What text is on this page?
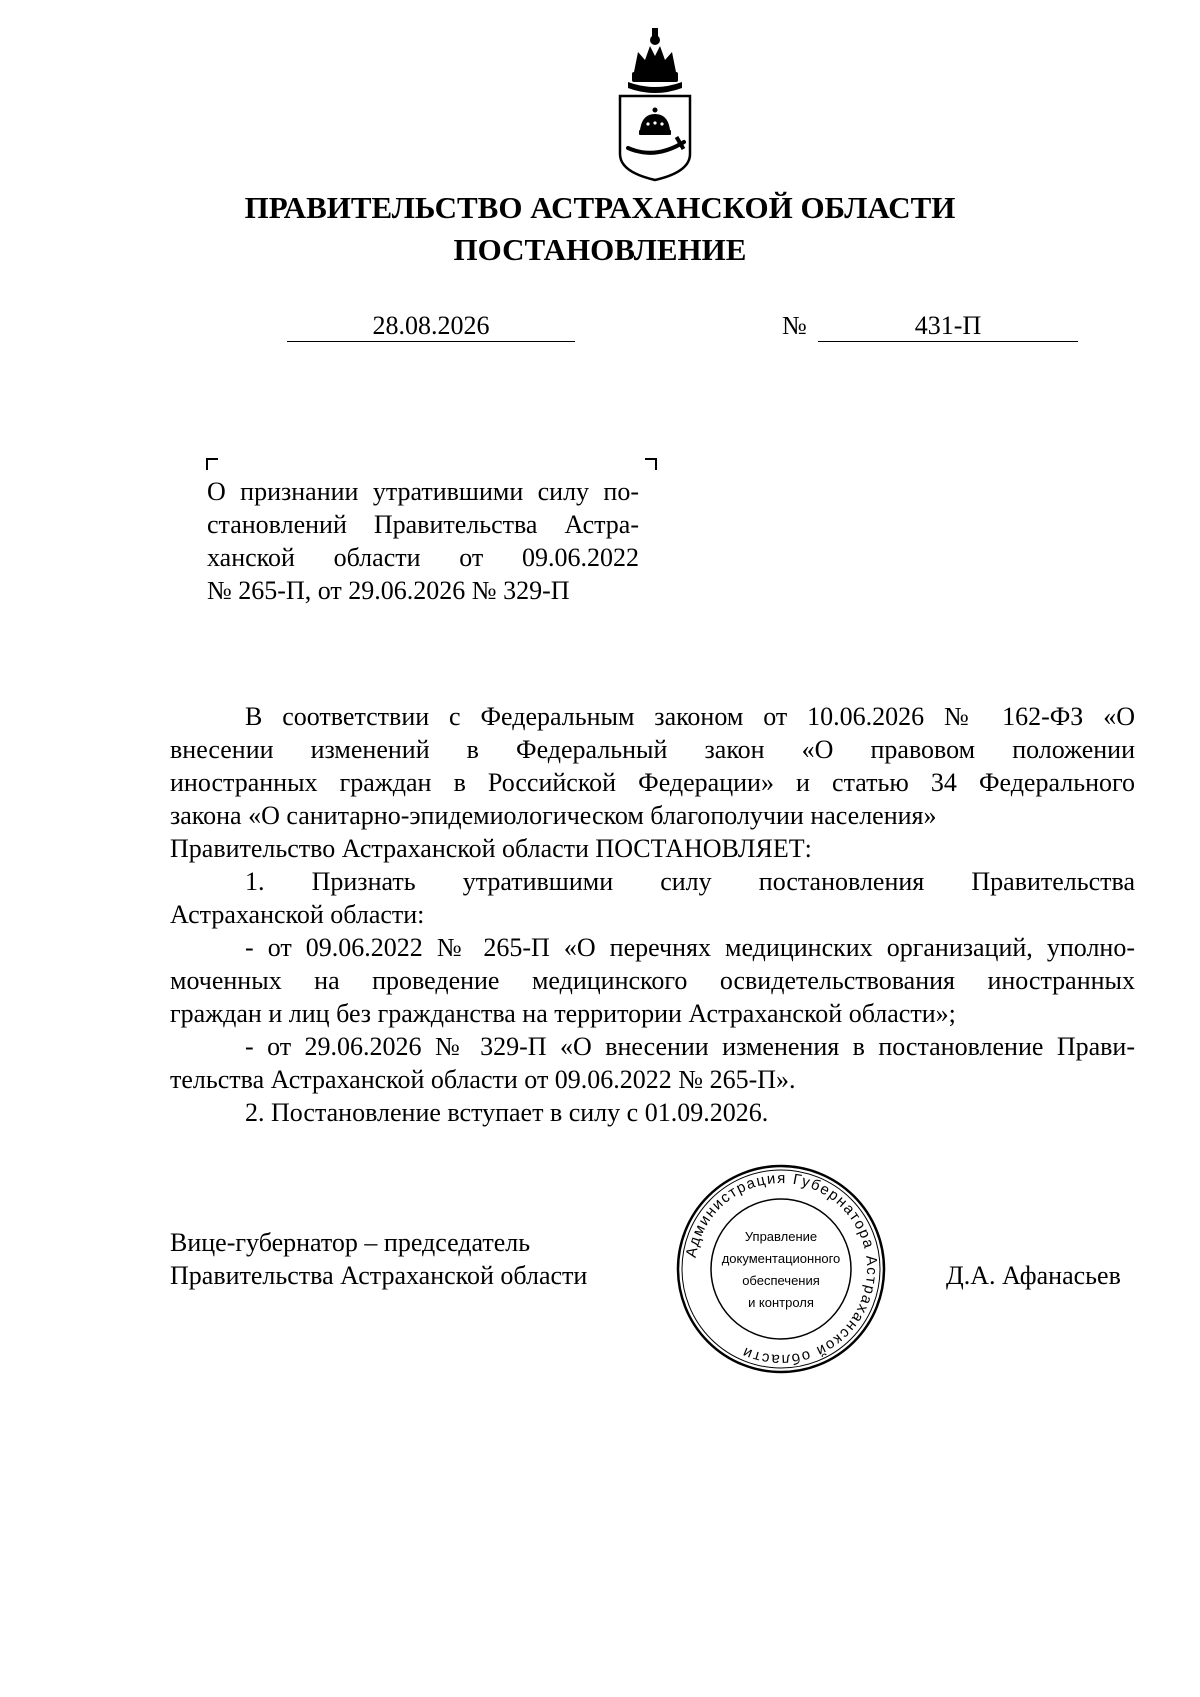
ПРАВИТЕЛЬСТВО АСТРАХАНСКОЙ ОБЛАСТИ
ПОСТАНОВЛЕНИЕ
28.08.2026	№	431-П
О признании утратившими силу по-
становлений Правительства Астра-
ханской области от 09.06.2022
№ 265-П, от 29.06.2026 № 329-П
В соответствии с Федеральным законом от 10.06.2026 № 162-ФЗ «О
внесении изменений в Федеральный закон «О правовом положении
иностранных граждан в Российской Федерации» и статью 34 Федерального
закона «О санитарно-эпидемиологическом благополучии населения»
Правительство Астраханской области ПОСТАНОВЛЯЕТ:
1. Признать утратившими силу постановления Правительства
Астраханской области:
- от 09.06.2022 № 265-П «О перечнях медицинских организаций, уполно-
моченных на проведение медицинского освидетельствования иностранных
граждан и лиц без гражданства на территории Астраханской области»;
- от 29.06.2026 № 329-П «О внесении изменения в постановление Прави-
тельства Астраханской области от 09.06.2022 № 265-П».
2. Постановление вступает в силу с 01.09.2026.
Вице-губернатор – председатель
Правительства Астраханской области	Д.А. Афанасьев
Администрация Губернатора Астраханской области
Управление
документационного
обеспечения
и контроля
